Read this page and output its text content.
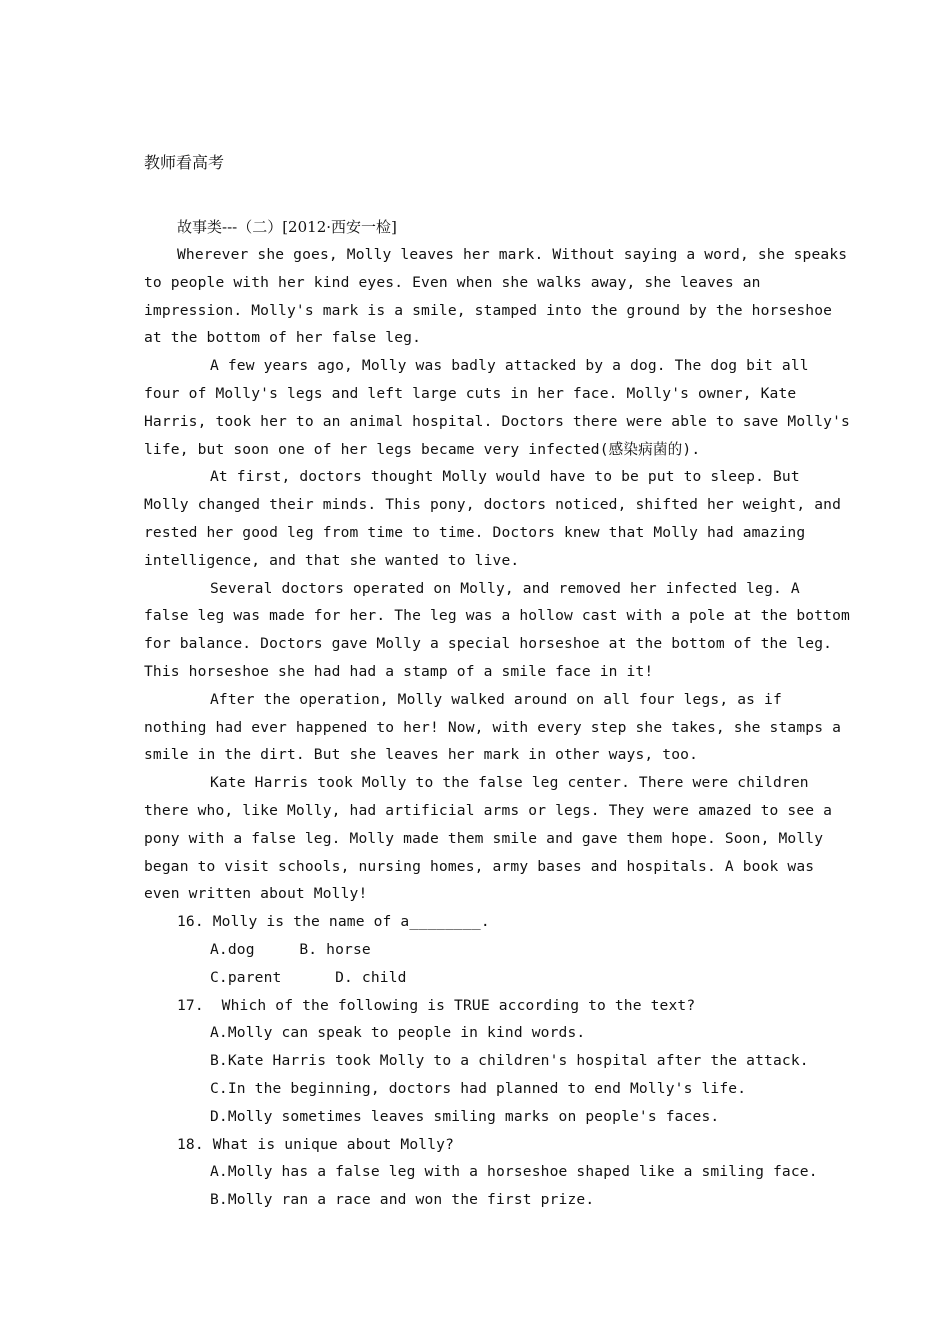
教师看高考
故事类---（二）[2012·西安一检]
Wherever she goes, Molly leaves her mark. Without saying a word, she speaks
to people with her kind eyes. Even when she walks away, she leaves an
impression. Molly's mark is a smile, stamped into the ground by the horseshoe
at the bottom of her false leg.
A few years ago, Molly was badly attacked by a dog. The dog bit all
four of Molly's legs and left large cuts in her face. Molly's owner, Kate
Harris, took her to an animal hospital. Doctors there were able to save Molly's
life, but soon one of her legs became very infected(感染病菌的).
At first, doctors thought Molly would have to be put to sleep. But
Molly changed their minds. This pony, doctors noticed, shifted her weight, and
rested her good leg from time to time. Doctors knew that Molly had amazing
intelligence, and that she wanted to live.
Several doctors operated on Molly, and removed her infected leg. A
false leg was made for her. The leg was a hollow cast with a pole at the bottom
for balance. Doctors gave Molly a special horseshoe at the bottom of the leg.
This horseshoe she had had a stamp of a smile face in it!
After the operation, Molly walked around on all four legs, as if
nothing had ever happened to her! Now, with every step she takes, she stamps a
smile in the dirt. But she leaves her mark in other ways, too.
Kate Harris took Molly to the false leg center. There were children
there who, like Molly, had artificial arms or legs. They were amazed to see a
pony with a false leg. Molly made them smile and gave them hope. Soon, Molly
began to visit schools, nursing homes, army bases and hospitals. A book was
even written about Molly!
16. Molly is the name of a________.
A.dog     B. horse
C.parent      D. child
17.  Which of the following is TRUE according to the text?
A.Molly can speak to people in kind words.
B.Kate Harris took Molly to a children's hospital after the attack.
C.In the beginning, doctors had planned to end Molly's life.
D.Molly sometimes leaves smiling marks on people's faces.
18. What is unique about Molly?
A.Molly has a false leg with a horseshoe shaped like a smiling face.
B.Molly ran a race and won the first prize.
